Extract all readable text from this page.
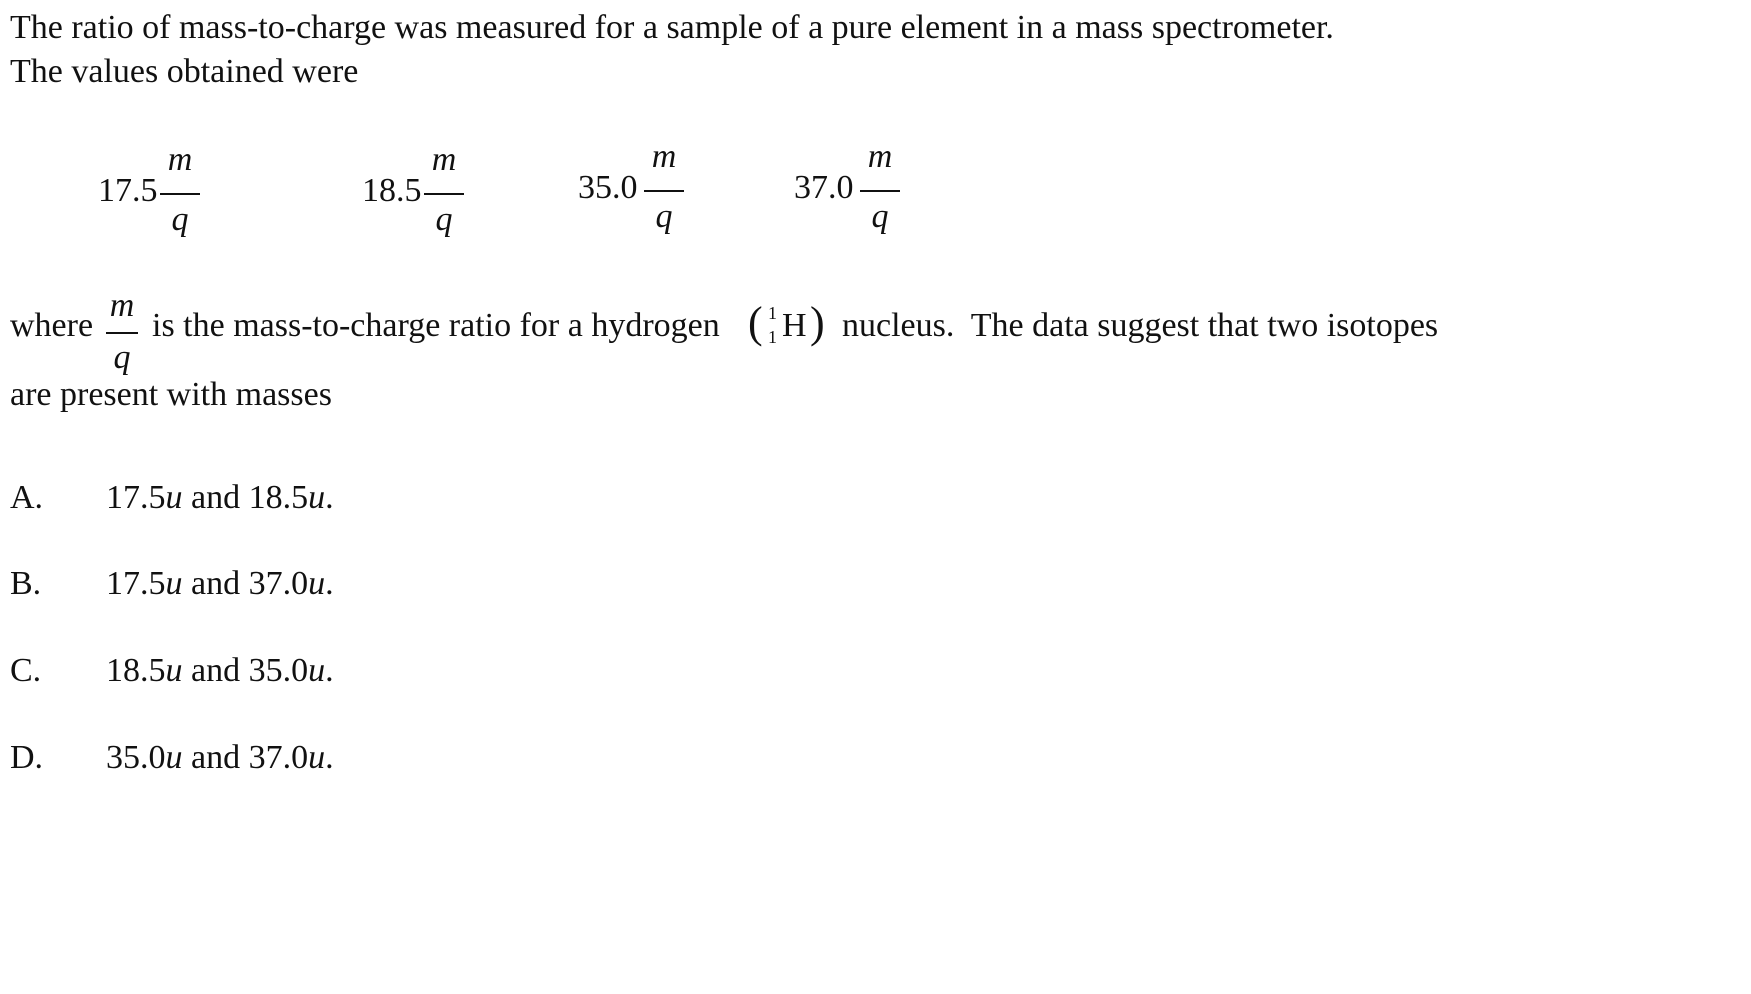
The ratio of mass-to-charge was measured for a sample of a pure element in a mass spectrometer.
The values obtained were
17.5
m
q
18.5
m
q
35.0
m
q
37.0
m
q
where
m
q
is the mass-to-charge ratio for a hydrogen ( 1
1 H ) nucleus.  The data suggest that two isotopes
are present with masses
A. 17.5u and 18.5u.
B. 17.5u and 37.0u.
C. 18.5u and 35.0u.
D. 35.0u and 37.0u.
